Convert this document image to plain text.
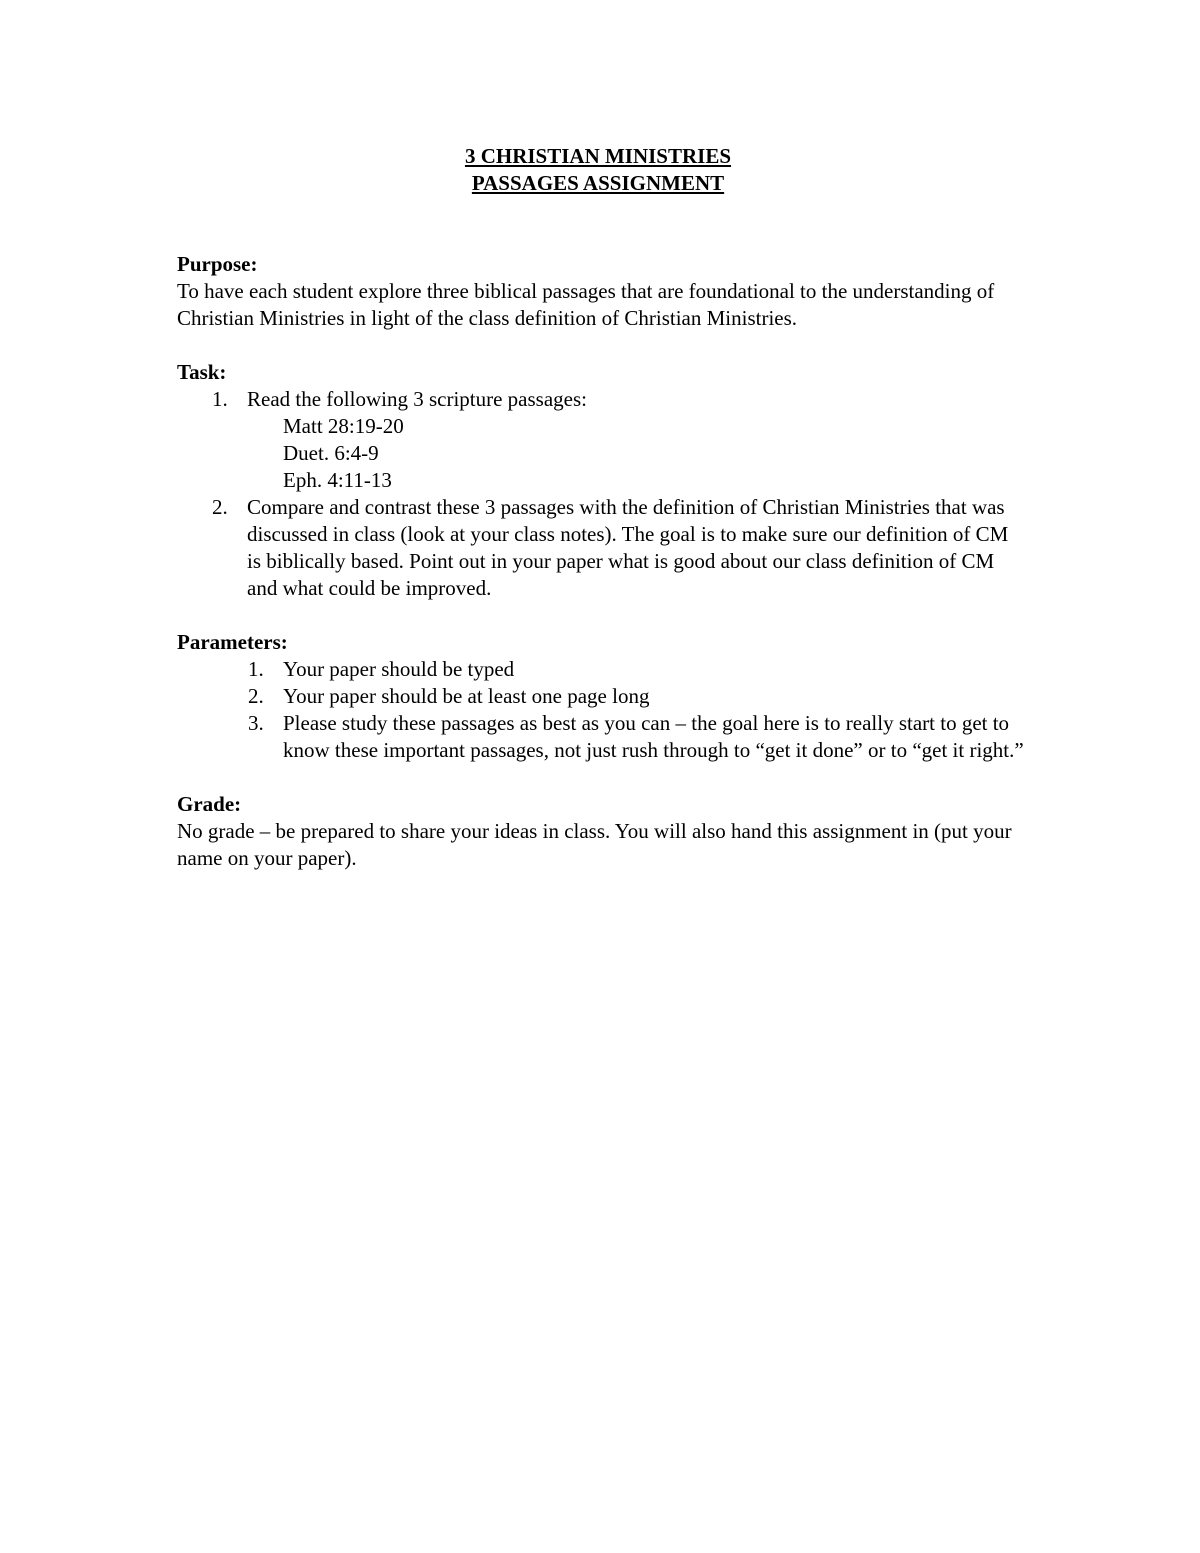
3 CHRISTIAN MINISTRIES

PASSAGES ASSIGNMENT

Purpose:

To have each student explore three biblical passages that are foundational to the understanding of Christian Ministries in light of the class definition of Christian Ministries.

Task:

1. Read the following 3 scripture passages:
Matt 28:19-20
Duet. 6:4-9
Eph. 4:11-13
2. Compare and contrast these 3 passages with the definition of Christian Ministries that was discussed in class (look at your class notes). The goal is to make sure our definition of CM is biblically based. Point out in your paper what is good about our class definition of CM and what could be improved.

Parameters:

1. Your paper should be typed
2. Your paper should be at least one page long
3. Please study these passages as best as you can – the goal here is to really start to get to know these important passages, not just rush through to “get it done” or to “get it right.”

Grade:

No grade – be prepared to share your ideas in class. You will also hand this assignment in (put your name on your paper).
